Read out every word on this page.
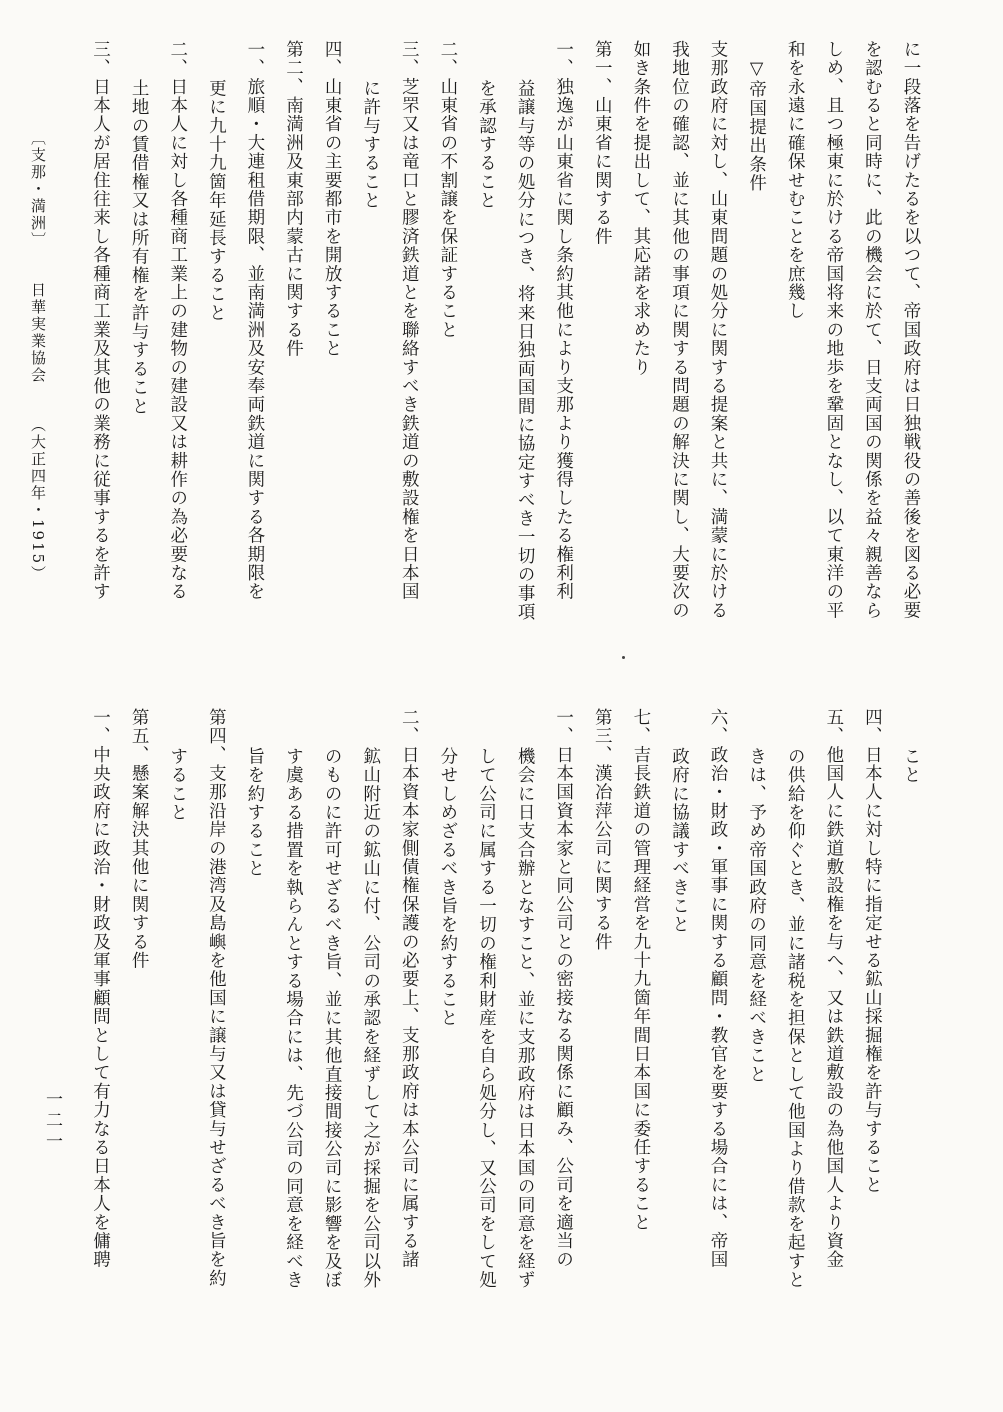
に一段落を告げたるを以つて、帝国政府は日独戦役の善後を図る必要
を認むると同時に、此の機会に於て、日支両国の関係を益々親善なら
しめ、且つ極東に於ける帝国将来の地歩を鞏固となし、以て東洋の平
和を永遠に確保せむことを庶幾し
▽帝国提出条件
支那政府に対し、山東問題の処分に関する提案と共に、満蒙に於ける
我地位の確認、並に其他の事項に関する問題の解決に関し、大要次の
如き条件を提出して、其応諾を求めたり
第一、山東省に関する件
一、独逸が山東省に関し条約其他により支那より獲得したる権利利
益譲与等の処分につき、将来日独両国間に協定すべき一切の事項
を承認すること
二、山東省の不割譲を保証すること
三、芝罘又は竜口と膠済鉄道とを聯絡すべき鉄道の敷設権を日本国
に許与すること
四、山東省の主要都市を開放すること
第二、南満洲及東部内蒙古に関する件
一、旅順・大連租借期限、並南満洲及安奉両鉄道に関する各期限を
更に九十九箇年延長すること
二、日本人に対し各種商工業上の建物の建設又は耕作の為必要なる
土地の賃借権又は所有権を許与すること
三、日本人が居住往来し各種商工業及其他の業務に従事するを許す
こと
四、日本人に対し特に指定せる鉱山採掘権を許与すること
五、他国人に鉄道敷設権を与へ、又は鉄道敷設の為他国人より資金
の供給を仰ぐとき、並に諸税を担保として他国より借款を起すと
きは、予め帝国政府の同意を経べきこと
六、政治・財政・軍事に関する顧問・教官を要する場合には、帝国
政府に協議すべきこと
七、吉長鉄道の管理経営を九十九箇年間日本国に委任すること
第三、漢冶萍公司に関する件
一、日本国資本家と同公司との密接なる関係に顧み、公司を適当の
機会に日支合辦となすこと、並に支那政府は日本国の同意を経ず
して公司に属する一切の権利財産を自ら処分し、又公司をして処
分せしめざるべき旨を約すること
二、日本資本家側債権保護の必要上、支那政府は本公司に属する諸
鉱山附近の鉱山に付、公司の承認を経ずして之が採掘を公司以外
のものに許可せざるべき旨、並に其他直接間接公司に影響を及ぼ
す虞ある措置を執らんとする場合には、先づ公司の同意を経べき
旨を約すること
第四、支那沿岸の港湾及島嶼を他国に譲与又は貸与せざるべき旨を約
すること
第五、懸案解決其他に関する件
一、中央政府に政治・財政及軍事顧問として有力なる日本人を傭聘
〔支那・満洲〕日華実業協会（大正四年・1915）
一二一
